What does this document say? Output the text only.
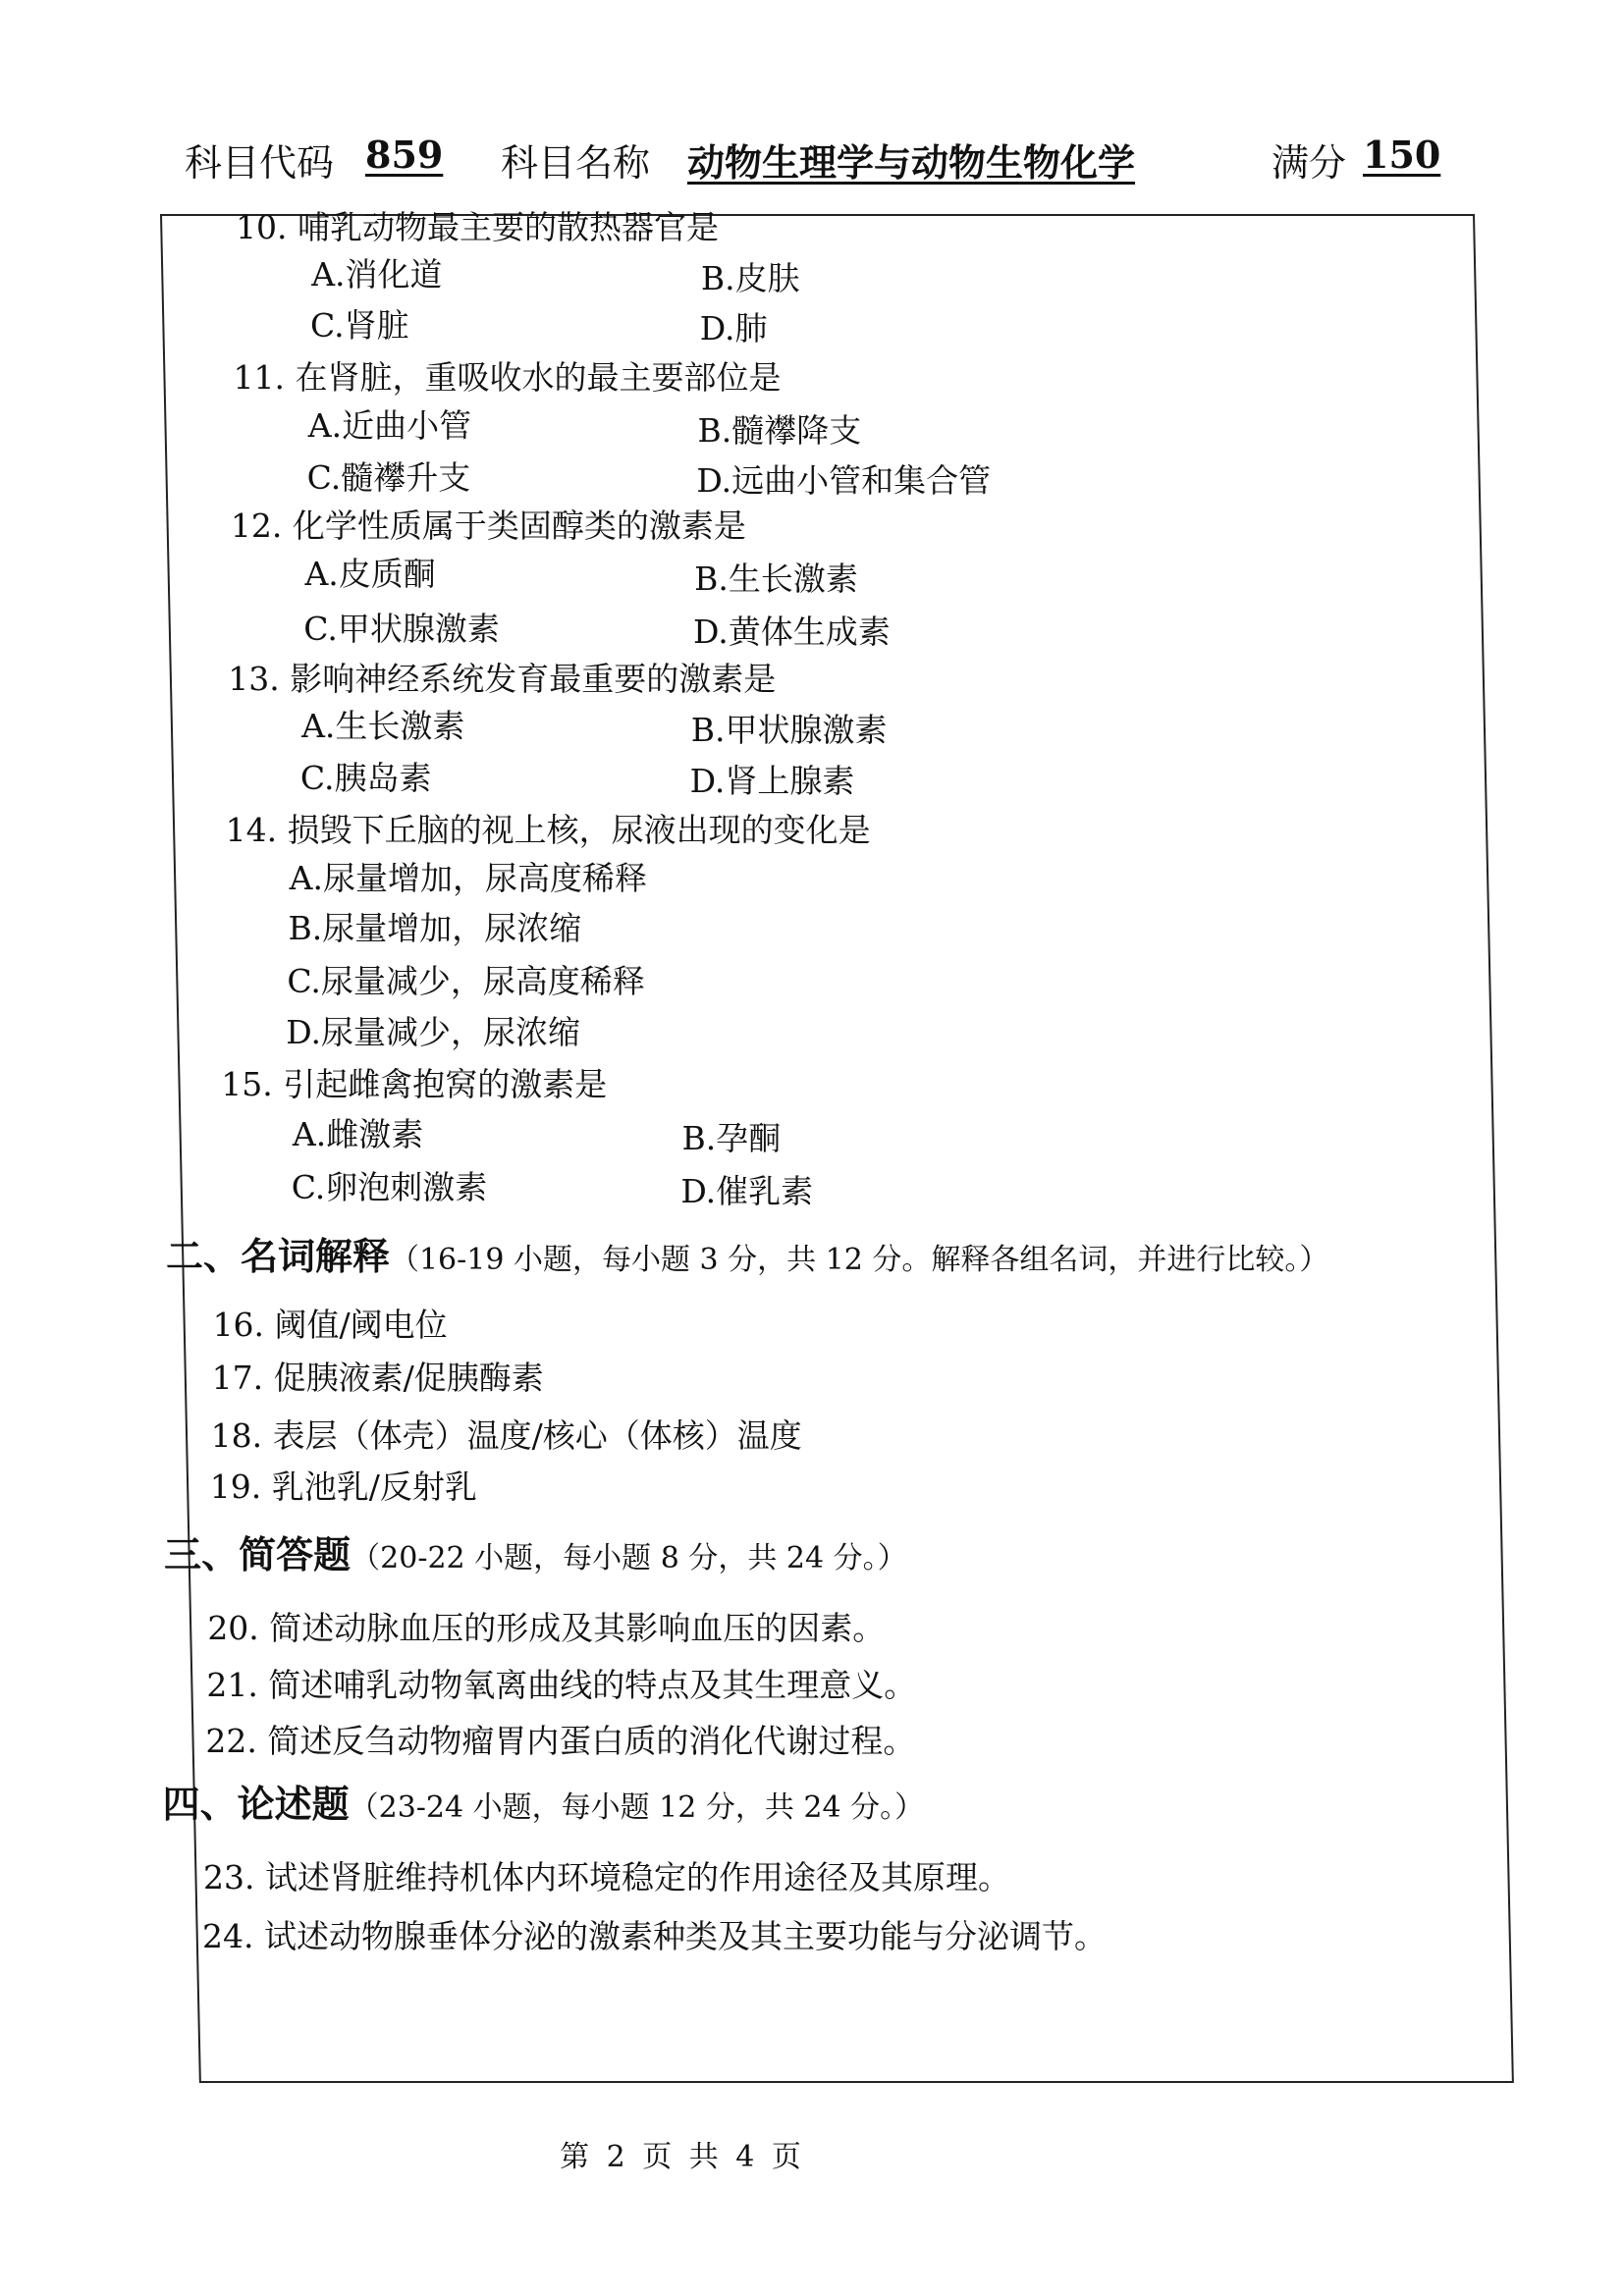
科目代码 859 科目名称 动物生理学与动物生物化学	满分 150
10. 哺乳动物最主要的散热器官是
A.消化道	B.皮肤
C.肾脏	D.肺
11. 在肾脏，重吸收水的最主要部位是
A.近曲小管	B.髓襻降支
C.髓襻升支	D.远曲小管和集合管
12. 化学性质属于类固醇类的激素是
A.皮质酮	B.生长激素
C.甲状腺激素	D.黄体生成素
13. 影响神经系统发育最重要的激素是
A.生长激素	B.甲状腺激素
C.胰岛素	D.肾上腺素
14. 损毁下丘脑的视上核，尿液出现的变化是
A.尿量增加，尿高度稀释
B.尿量增加，尿浓缩
C.尿量减少，尿高度稀释
D.尿量减少，尿浓缩
15. 引起雌禽抱窝的激素是
A.雌激素	B.孕酮
C.卵泡刺激素	D.催乳素
二、名词解释（16-19 小题，每小题 3 分，共 12 分。解释各组名词，并进行比较。）
16. 阈值/阈电位
17. 促胰液素/促胰酶素
18. 表层（体壳）温度/核心（体核）温度
19. 乳池乳/反射乳
三、简答题（20-22 小题，每小题 8 分，共 24 分。）
20. 简述动脉血压的形成及其影响血压的因素。
21. 简述哺乳动物氧离曲线的特点及其生理意义。
22. 简述反刍动物瘤胃内蛋白质的消化代谢过程。
四、论述题（23-24 小题，每小题 12 分，共 24 分。）
23. 试述肾脏维持机体内环境稳定的作用途径及其原理。
24. 试述动物腺垂体分泌的激素种类及其主要功能与分泌调节。
第 2 页 共 4 页
